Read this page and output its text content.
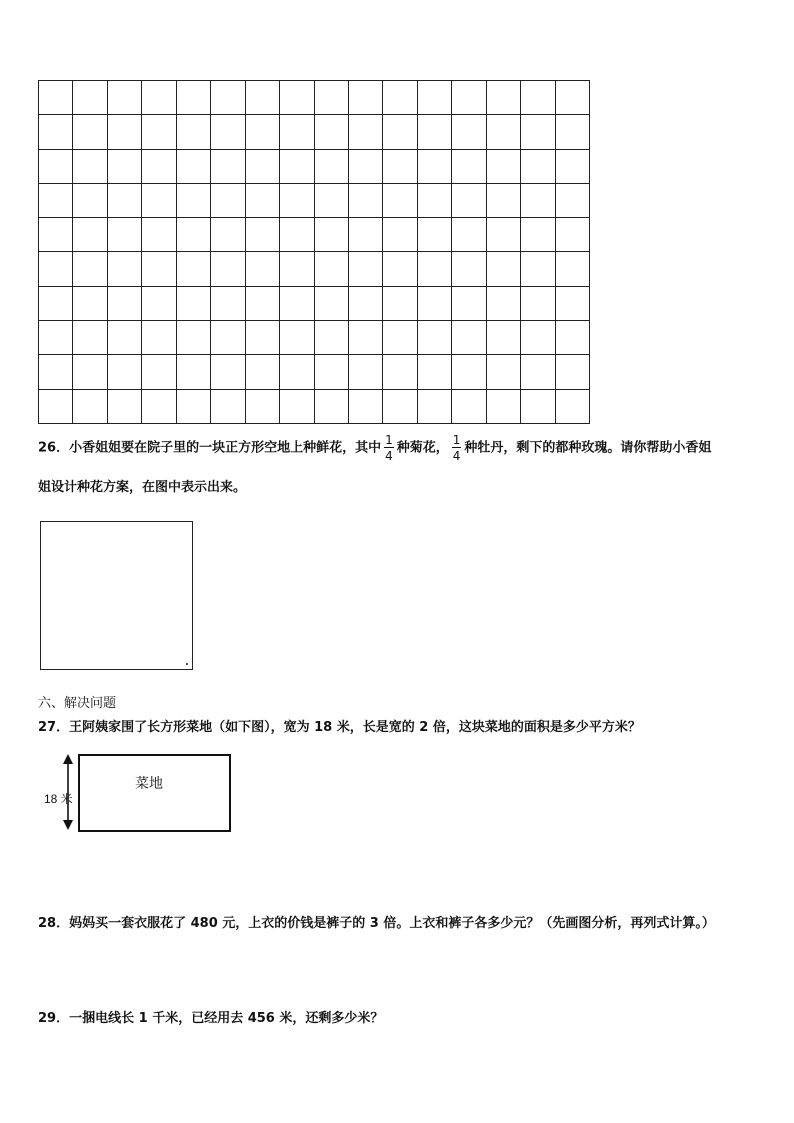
26．小香姐姐要在院子里的一块正方形空地上种鲜花，其中 $\frac{1}{4}$ 种菊花， $\frac{1}{4}$ 种牡丹，剩下的都种玫瑰。请你帮助小香姐
姐设计种花方案，在图中表示出来。
六、解决问题
27．王阿姨家围了长方形菜地（如下图），宽为 18 米，长是宽的 2 倍，这块菜地的面积是多少平方米？
18 米
菜地
28．妈妈买一套衣服花了 480 元，上衣的价钱是裤子的 3 倍。上衣和裤子各多少元？（先画图分析，再列式计算。）
29．一捆电线长 1 千米，已经用去 456 米，还剩多少米？
